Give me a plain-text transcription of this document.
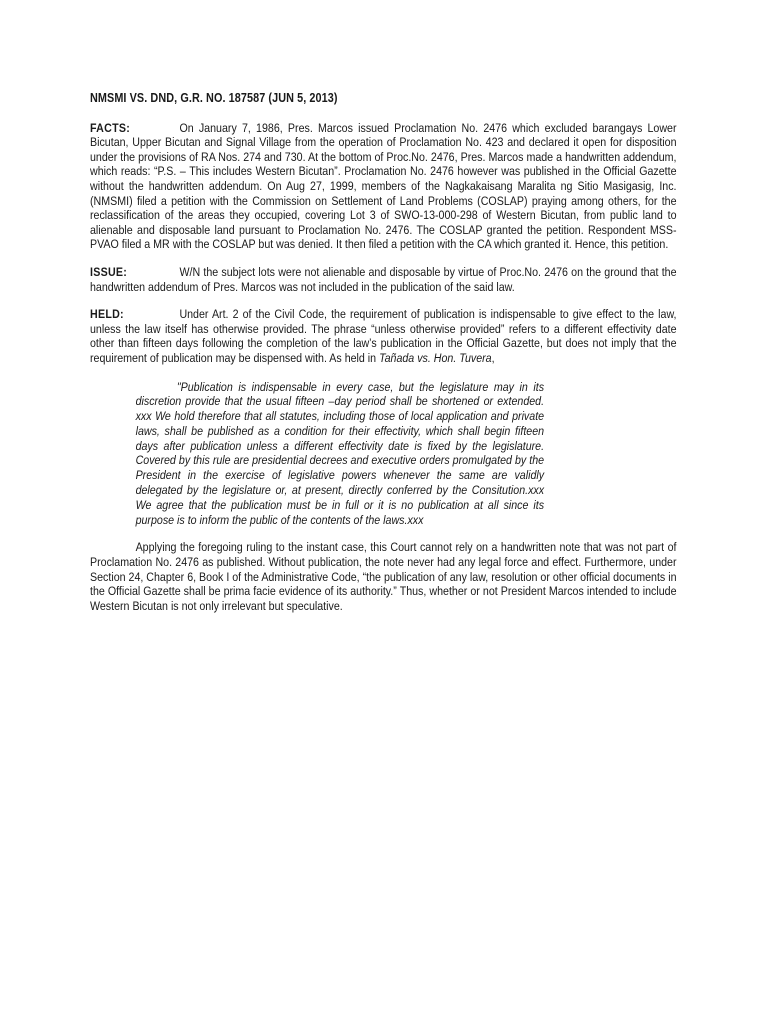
NMSMI VS. DND, G.R. NO. 187587 (JUN 5, 2013)

FACTS:	On January 7, 1986, Pres. Marcos issued Proclamation No. 2476 which excluded barangays Lower Bicutan, Upper Bicutan and Signal Village from the operation of Proclamation No. 423 and declared it open for disposition under the provisions of RA Nos. 274 and 730. At the bottom of Proc.No. 2476, Pres. Marcos made a handwritten addendum, which reads: “P.S. – This includes Western Bicutan”. Proclamation No. 2476 however was published in the Official Gazette without the handwritten addendum. On Aug 27, 1999, members of the Nagkakaisang Maralita ng Sitio Masigasig, Inc. (NMSMI) filed a petition with the Commission on Settlement of Land Problems (COSLAP) praying among others, for the reclassification of the areas they occupied, covering Lot 3 of SWO-13-000-298 of Western Bicutan, from public land to alienable and disposable land pursuant to Proclamation No. 2476. The COSLAP granted the petition. Respondent MSS-PVAO filed a MR with the COSLAP but was denied. It then filed a petition with the CA which granted it. Hence, this petition.

ISSUE:	W/N the subject lots were not alienable and disposable by virtue of Proc.No. 2476 on the ground that the handwritten addendum of Pres. Marcos was not included in the publication of the said law.

HELD:	Under Art. 2 of the Civil Code, the requirement of publication is indispensable to give effect to the law, unless the law itself has otherwise provided. The phrase “unless otherwise provided” refers to a different effectivity date other than fifteen days following the completion of the law’s publication in the Official Gazette, but does not imply that the requirement of publication may be dispensed with. As held in Tañada vs. Hon. Tuvera,

"Publication is indispensable in every case, but the legislature may in its discretion provide that the usual fifteen –day period shall be shortened or extended. xxx We hold therefore that all statutes, including those of local application and private laws, shall be published as a condition for their effectivity, which shall begin fifteen days after publication unless a different effectivity date is fixed by the legislature. Covered by this rule are presidential decrees and executive orders promulgated by the President in the exercise of legislative powers whenever the same are validly delegated by the legislature or, at present, directly conferred by the Consitution.xxx We agree that the publication must be in full or it is no publication at all since its purpose is to inform the public of the contents of the laws.xxx

Applying the foregoing ruling to the instant case, this Court cannot rely on a handwritten note that was not part of Proclamation No. 2476 as published. Without publication, the note never had any legal force and effect. Furthermore, under Section 24, Chapter 6, Book I of the Administrative Code, “the publication of any law, resolution or other official documents in the Official Gazette shall be prima facie evidence of its authority.” Thus, whether or not President Marcos intended to include Western Bicutan is not only irrelevant but speculative.
